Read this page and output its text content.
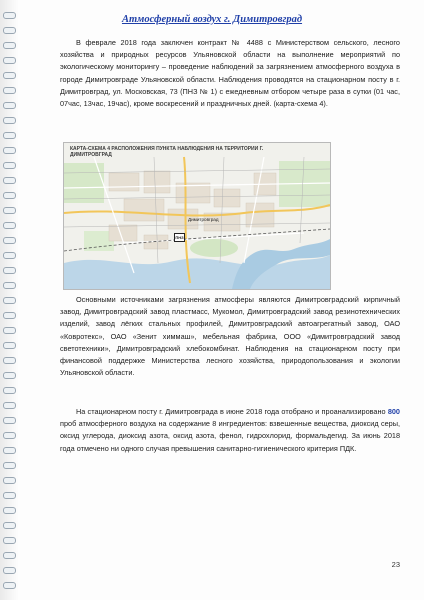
Атмосферный воздух г. Димитровград
В феврале 2018 года заключен контракт № 4488 с Министерством сельского, лесного хозяйства и природных ресурсов Ульяновской области на выполнение мероприятий по экологическому мониторингу – проведение наблюдений за загрязнением атмосферного воздуха в городе Димитровграде Ульяновской области. Наблюдения проводятся на стационарном посту в г. Димитровград, ул. Московская, 73 (ПНЗ № 1) с ежедневным отбором четыре раза в сутки (01 час, 07час, 13час, 19час), кроме воскресений и праздничных дней. (карта-схема 4).
КАРТА-СХЕМА 4 РАСПОЛОЖЕНИЯ ПУНКТА НАБЛЮДЕНИЯ НА ТЕРРИТОРИИ Г. ДИМИТРОВГРАД
Димитровград
ПНЗ
Основными источниками загрязнения атмосферы являются Димитровградский кирпичный завод, Димитровградский завод пластмасс, Мукомол, Димитровградский завод резинотехнических изделий, завод лёгких стальных профилей, Димитровградский автоагрегатный завод, ОАО «Ковротекс», ОАО «Зенит химмаш», мебельная фабрика, ООО «Димитровградский завод светотехники», Димитровградский хлебокомбинат. Наблюдения на стационарном посту при финансовой поддержке Министерства лесного хозяйства, природопользования и экологии Ульяновской области.
На стационарном посту г. Димитровграда в июне 2018 года отобрано и проанализировано 800 проб атмосферного воздуха на содержание 8 ингредиентов: взвешенные вещества, диоксид серы, оксид углерода, диоксид азота, оксид азота, фенол, гидрохлорид, формальдегид. За июнь 2018 года отмечено ни одного случая превышения санитарно-гигиенического критерия ПДК.
23
